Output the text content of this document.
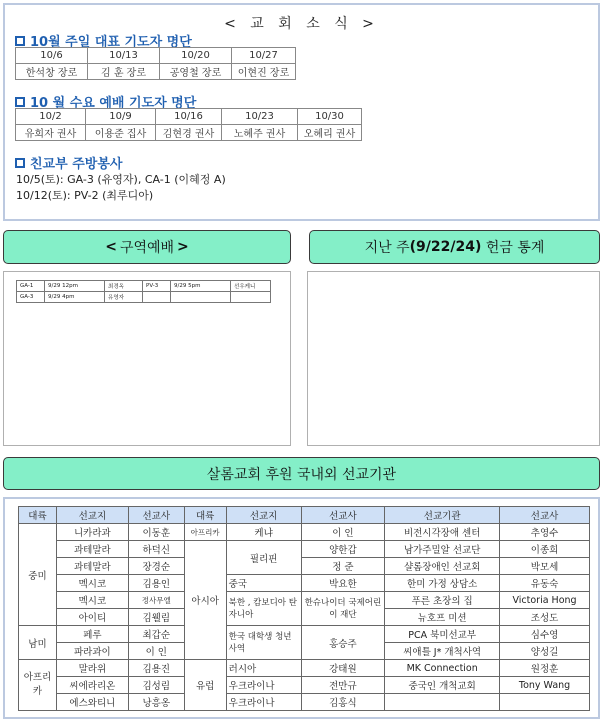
< 교 회 소 식 >
10월 주일 대표 기도자 명단
10/6	10/13	10/20	10/27
한석창 장로	김 훈 장로	공영철 장로	이현진 장로
10 월 수요 예배 기도자 명단
10/2	10/9	10/16	10/23	10/30
유희자 권사	이용준 집사	김현경 권사	노혜주 권사	오혜리 권사
친교부 주방봉사
10/5(토): GA-3 (유영자), CA-1 (이혜정 A)
10/12(토): PV-2 (최루디아)
< 구역예배 >	지난 주 (9/22/24) 헌금 통계
GA-1	9/29 12pm	최경옥	PV-3	9/29 5pm	선우케니
GA-3	9/29 4pm	유영자			
살롬교회 후원 국내외 선교기관
대륙	선교지	선교사	대륙	선교지	선교사	선교기관	선교사
중미	니카라과	이동훈	아프리카	케냐	이 인	비전시각장애 센터	추영수
	과테말라	하덕신	아시아	필리핀	양한갑	남가주밀알 선교단	이종희
	과테말라	장경순			정 준	샬롬장애인 선교회	박모세
	멕시코	김용인		중국	박요한	한미 가정 상담소	유동숙
	멕시코	정사무엘		북한 , 캄보디아 탄자니아	한슈나이더 국제어린이 재단	푸른 초장의 집	Victoria Hong
	아이티	김웰림				뉴호프 미션	조성도
남미	페루	최갑순		한국 대학생 청년 사역	홍승주	PCA 북미선교부	심수영
	파라과이	이 인				씨애틀 J* 개척사역	양성길
아프리카	말라위	김용진	유럽	러시아	강태원	MK Connection	원정훈
	씨에라리온	김성림		우크라이나	전만규	중국인 개척교회	Tony Wang
	에스와티니	낭흥옹		우크라이나	김홍식		
